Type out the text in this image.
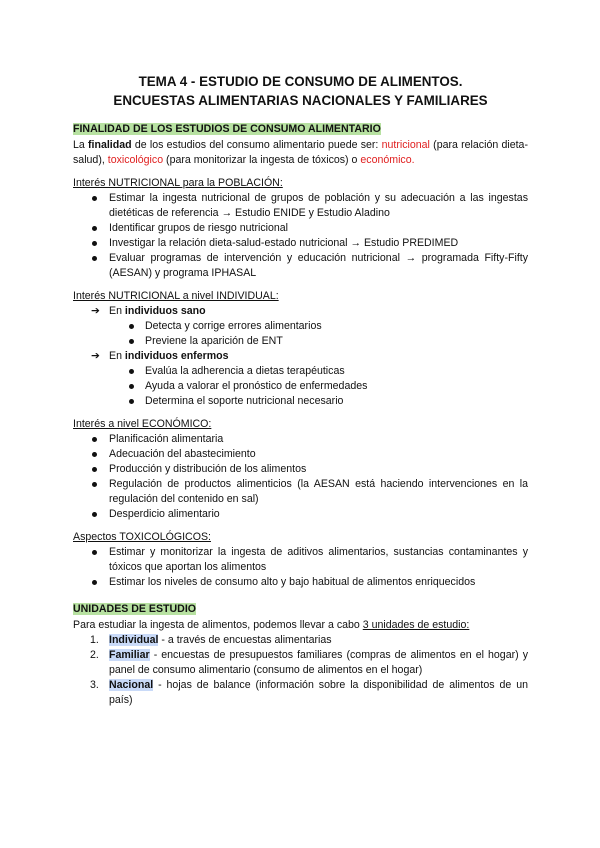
TEMA 4 - ESTUDIO DE CONSUMO DE ALIMENTOS.
ENCUESTAS ALIMENTARIAS NACIONALES Y FAMILIARES
FINALIDAD DE LOS ESTUDIOS DE CONSUMO ALIMENTARIO

La finalidad de los estudios del consumo alimentario puede ser: nutricional (para relación dieta-salud), toxicológico (para monitorizar la ingesta de tóxicos) o económico.

Interés NUTRICIONAL para la POBLACIÓN:

Estimar la ingesta nutricional de grupos de población y su adecuación a las ingestas dietéticas de referencia → Estudio ENIDE y Estudio Aladino
Identificar grupos de riesgo nutricional
Investigar la relación dieta-salud-estado nutricional → Estudio PREDIMED
Evaluar programas de intervención y educación nutricional → programada Fifty-Fifty (AESAN) y programa IPHASAL

Interés NUTRICIONAL a nivel INDIVIDUAL:

➔ En individuos sano
Detecta y corrige errores alimentarios
Previene la aparición de ENT
➔ En individuos enfermos
Evalúa la adherencia a dietas terapéuticas
Ayuda a valorar el pronóstico de enfermedades
Determina el soporte nutricional necesario

Interés a nivel ECONÓMICO:

Planificación alimentaria
Adecuación del abastecimiento
Producción y distribución de los alimentos
Regulación de productos alimenticios (la AESAN está haciendo intervenciones en la regulación del contenido en sal)
Desperdicio alimentario

Aspectos TOXICOLÓGICOS:

Estimar y monitorizar la ingesta de aditivos alimentarios, sustancias contaminantes y tóxicos que aportan los alimentos
Estimar los niveles de consumo alto y bajo habitual de alimentos enriquecidos
UNIDADES DE ESTUDIO

Para estudiar la ingesta de alimentos, podemos llevar a cabo 3 unidades de estudio:

1. Individual - a través de encuestas alimentarias
2. Familiar - encuestas de presupuestos familiares (compras de alimentos en el hogar) y panel de consumo alimentario (consumo de alimentos en el hogar)
3. Nacional - hojas de balance (información sobre la disponibilidad de alimentos de un país)
